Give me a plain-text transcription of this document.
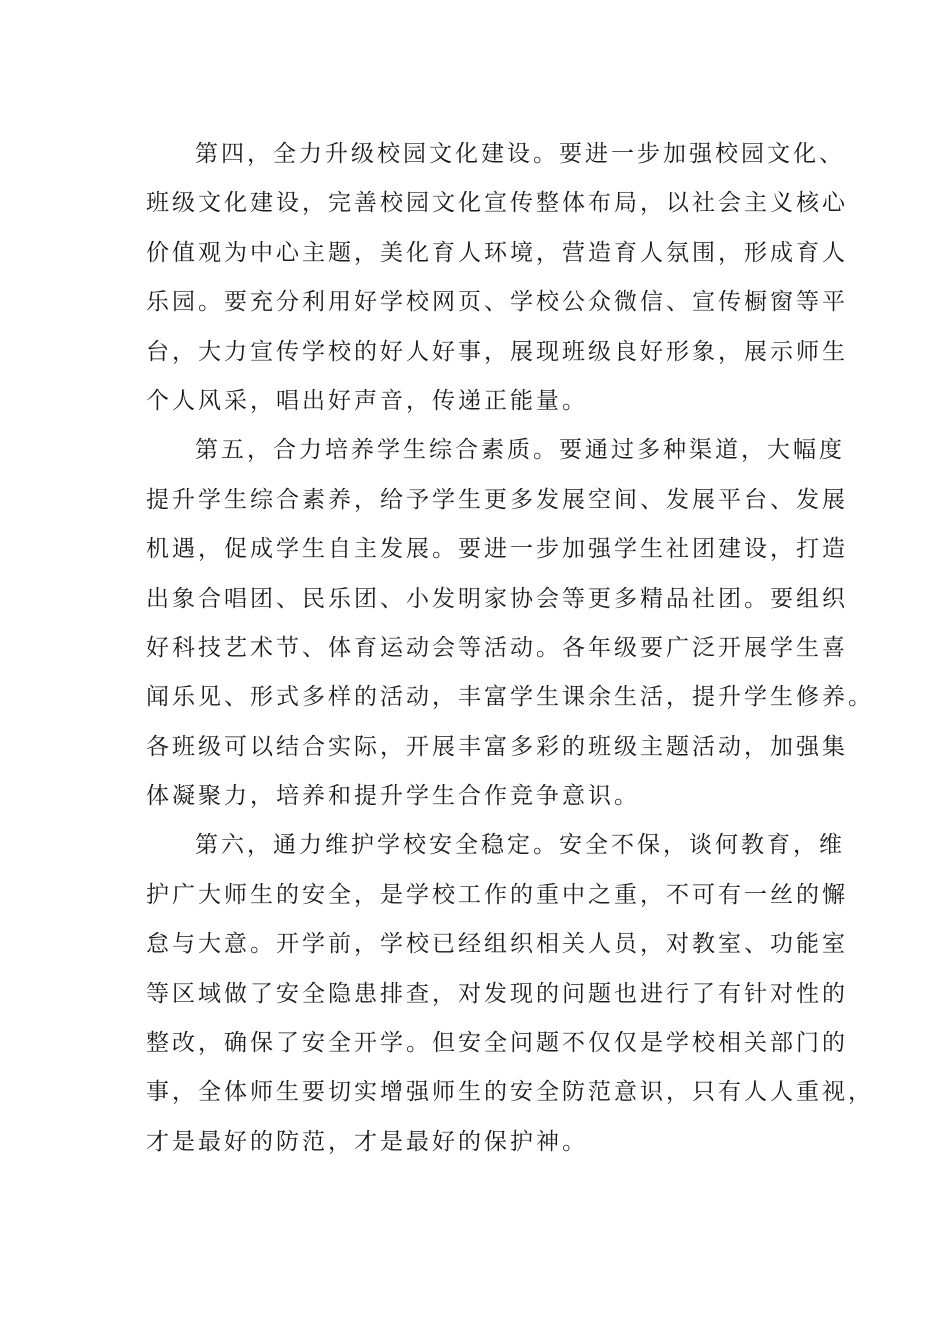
第四，全力升级校园文化建设。要进一步加强校园文化、
班级文化建设，完善校园文化宣传整体布局，以社会主义核心
价值观为中心主题，美化育人环境，营造育人氛围，形成育人
乐园。要充分利用好学校网页、学校公众微信、宣传橱窗等平
台，大力宣传学校的好人好事，展现班级良好形象，展示师生
个人风采，唱出好声音，传递正能量。
第五，合力培养学生综合素质。要通过多种渠道，大幅度
提升学生综合素养，给予学生更多发展空间、发展平台、发展
机遇，促成学生自主发展。要进一步加强学生社团建设，打造
出象合唱团、民乐团、小发明家协会等更多精品社团。要组织
好科技艺术节、体育运动会等活动。各年级要广泛开展学生喜
闻乐见、形式多样的活动，丰富学生课余生活，提升学生修养。
各班级可以结合实际，开展丰富多彩的班级主题活动，加强集
体凝聚力，培养和提升学生合作竞争意识。
第六，通力维护学校安全稳定。安全不保，谈何教育，维
护广大师生的安全，是学校工作的重中之重，不可有一丝的懈
怠与大意。开学前，学校已经组织相关人员，对教室、功能室
等区域做了安全隐患排查，对发现的问题也进行了有针对性的
整改，确保了安全开学。但安全问题不仅仅是学校相关部门的
事，全体师生要切实增强师生的安全防范意识，只有人人重视，
才是最好的防范，才是最好的保护神。
